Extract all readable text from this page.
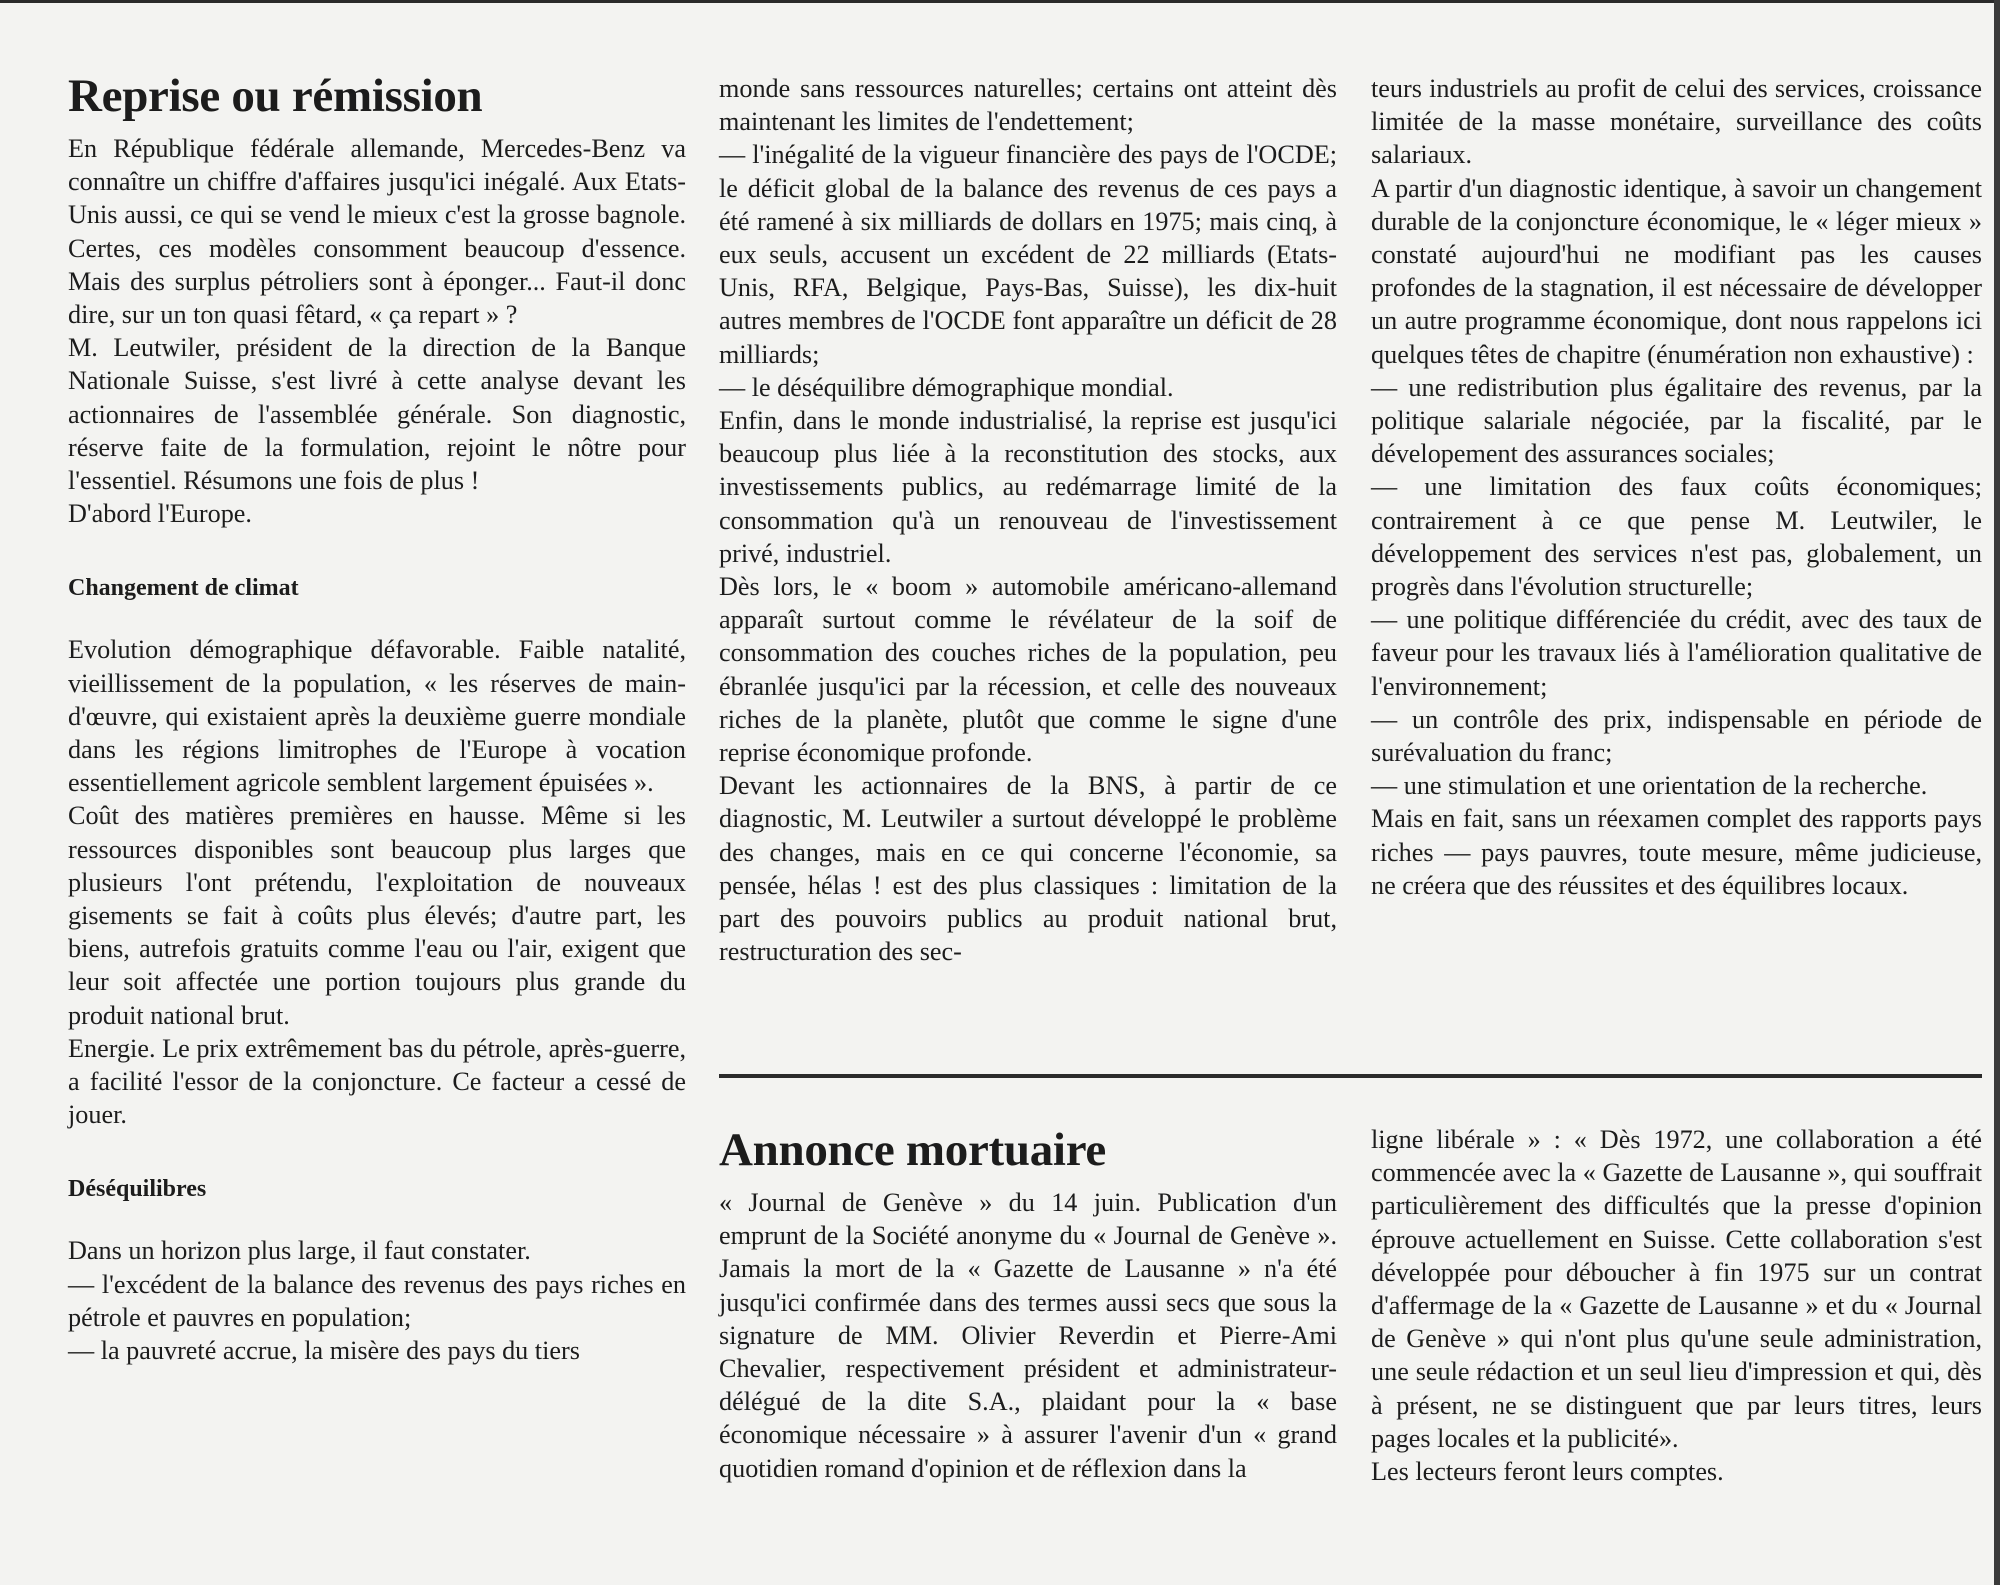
Reprise ou rémission

En République fédérale allemande, Mercedes-Benz va connaître un chiffre d'affaires jusqu'ici inégalé. Aux Etats-Unis aussi, ce qui se vend le mieux c'est la grosse bagnole. Certes, ces modèles consomment beaucoup d'essence. Mais des surplus pétroliers sont à éponger... Faut-il donc dire, sur un ton quasi fêtard, « ça repart » ?

M. Leutwiler, président de la direction de la Banque Nationale Suisse, s'est livré à cette analyse devant les actionnaires de l'assemblée générale. Son diagnostic, réserve faite de la formulation, rejoint le nôtre pour l'essentiel. Résumons une fois de plus !

D'abord l'Europe.

Changement de climat

Evolution démographique défavorable. Faible natalité, vieillissement de la population, « les réserves de main-d'œuvre, qui existaient après la deuxième guerre mondiale dans les régions limitrophes de l'Europe à vocation essentiellement agricole semblent largement épuisées ».

Coût des matières premières en hausse. Même si les ressources disponibles sont beaucoup plus larges que plusieurs l'ont prétendu, l'exploitation de nouveaux gisements se fait à coûts plus élevés; d'autre part, les biens, autrefois gratuits comme l'eau ou l'air, exigent que leur soit affectée une portion toujours plus grande du produit national brut.

Energie. Le prix extrêmement bas du pétrole, après-guerre, a facilité l'essor de la conjoncture. Ce facteur a cessé de jouer.

Déséquilibres

Dans un horizon plus large, il faut constater.

— l'excédent de la balance des revenus des pays riches en pétrole et pauvres en population;

— la pauvreté accrue, la misère des pays du tiers

monde sans ressources naturelles; certains ont atteint dès maintenant les limites de l'endettement;

— l'inégalité de la vigueur financière des pays de l'OCDE; le déficit global de la balance des revenus de ces pays a été ramené à six milliards de dollars en 1975; mais cinq, à eux seuls, accusent un excédent de 22 milliards (Etats-Unis, RFA, Belgique, Pays-Bas, Suisse), les dix-huit autres membres de l'OCDE font apparaître un déficit de 28 milliards;

— le déséquilibre démographique mondial.

Enfin, dans le monde industrialisé, la reprise est jusqu'ici beaucoup plus liée à la reconstitution des stocks, aux investissements publics, au redémarrage limité de la consommation qu'à un renouveau de l'investissement privé, industriel.

Dès lors, le « boom » automobile américano-allemand apparaît surtout comme le révélateur de la soif de consommation des couches riches de la population, peu ébranlée jusqu'ici par la récession, et celle des nouveaux riches de la planète, plutôt que comme le signe d'une reprise économique profonde.

Devant les actionnaires de la BNS, à partir de ce diagnostic, M. Leutwiler a surtout développé le problème des changes, mais en ce qui concerne l'économie, sa pensée, hélas ! est des plus classiques : limitation de la part des pouvoirs publics au produit national brut, restructuration des sec-

teurs industriels au profit de celui des services, croissance limitée de la masse monétaire, surveillance des coûts salariaux.

A partir d'un diagnostic identique, à savoir un changement durable de la conjoncture économique, le « léger mieux » constaté aujourd'hui ne modifiant pas les causes profondes de la stagnation, il est nécessaire de développer un autre programme économique, dont nous rappelons ici quelques têtes de chapitre (énumération non exhaustive) :

— une redistribution plus égalitaire des revenus, par la politique salariale négociée, par la fiscalité, par le dévelopement des assurances sociales;

— une limitation des faux coûts économiques; contrairement à ce que pense M. Leutwiler, le développement des services n'est pas, globalement, un progrès dans l'évolution structurelle;

— une politique différenciée du crédit, avec des taux de faveur pour les travaux liés à l'amélioration qualitative de l'environnement;

— un contrôle des prix, indispensable en période de surévaluation du franc;

— une stimulation et une orientation de la recherche.

Mais en fait, sans un réexamen complet des rapports pays riches — pays pauvres, toute mesure, même judicieuse, ne créera que des réussites et des équilibres locaux.

Annonce mortuaire

« Journal de Genève » du 14 juin. Publication d'un emprunt de la Société anonyme du « Journal de Genève ». Jamais la mort de la « Gazette de Lausanne » n'a été jusqu'ici confirmée dans des termes aussi secs que sous la signature de MM. Olivier Reverdin et Pierre-Ami Chevalier, respectivement président et administrateur-délégué de la dite S.A., plaidant pour la « base économique nécessaire » à assurer l'avenir d'un « grand quotidien romand d'opinion et de réflexion dans la

ligne libérale » : « Dès 1972, une collaboration a été commencée avec la « Gazette de Lausanne », qui souffrait particulièrement des difficultés que la presse d'opinion éprouve actuellement en Suisse. Cette collaboration s'est développée pour déboucher à fin 1975 sur un contrat d'affermage de la « Gazette de Lausanne » et du « Journal de Genève » qui n'ont plus qu'une seule administration, une seule rédaction et un seul lieu d'impression et qui, dès à présent, ne se distinguent que par leurs titres, leurs pages locales et la publicité».

Les lecteurs feront leurs comptes.
